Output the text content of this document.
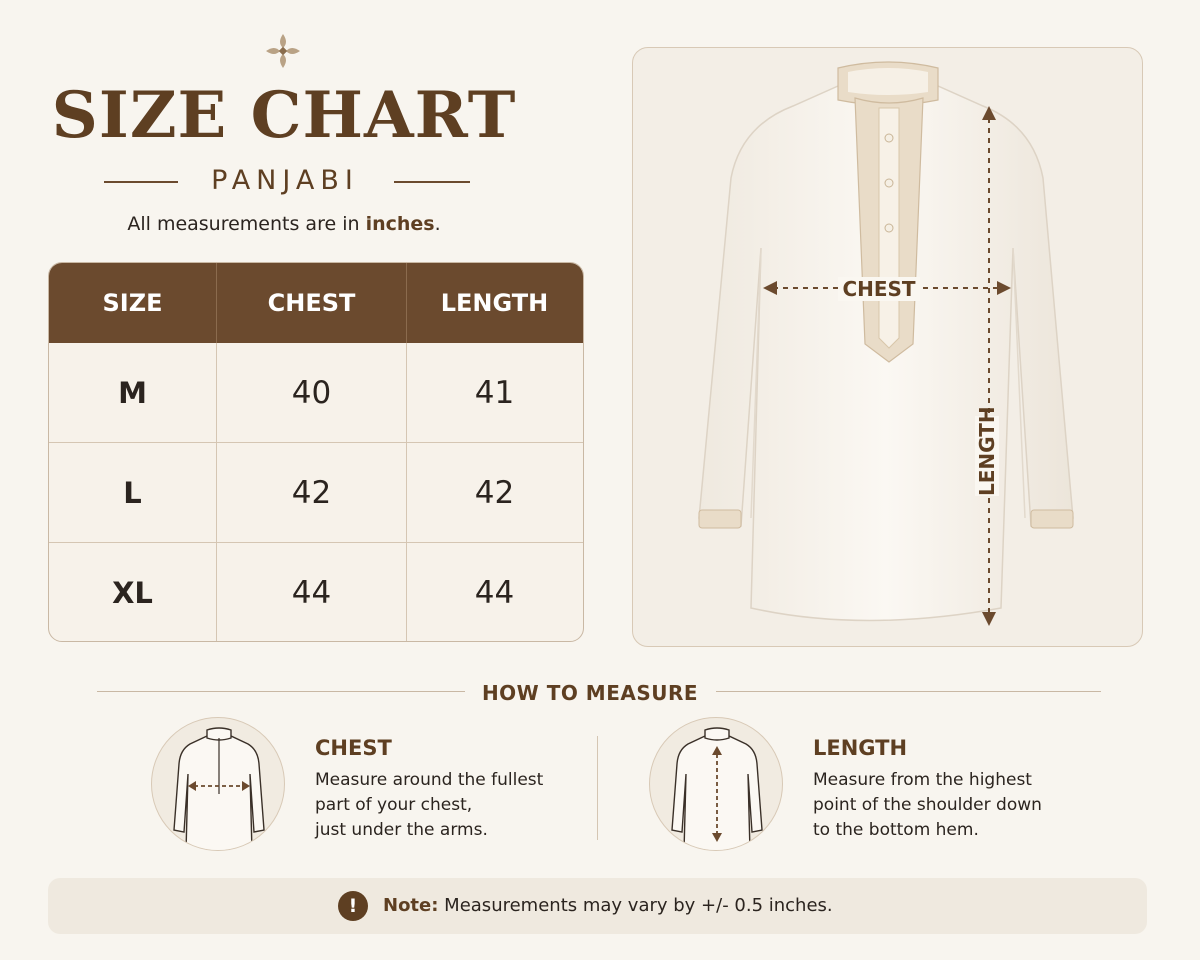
SIZE CHART
PANJABI
All measurements are in inches.
SIZE	CHEST	LENGTH
M	40	41
L	42	42
XL	44	44
CHEST
LENGTH
HOW TO MEASURE
CHEST
Measure around the fullest
part of your chest,
just under the arms.
LENGTH
Measure from the highest
point of the shoulder down
to the bottom hem.
!	Note: Measurements may vary by +/- 0.5 inches.
